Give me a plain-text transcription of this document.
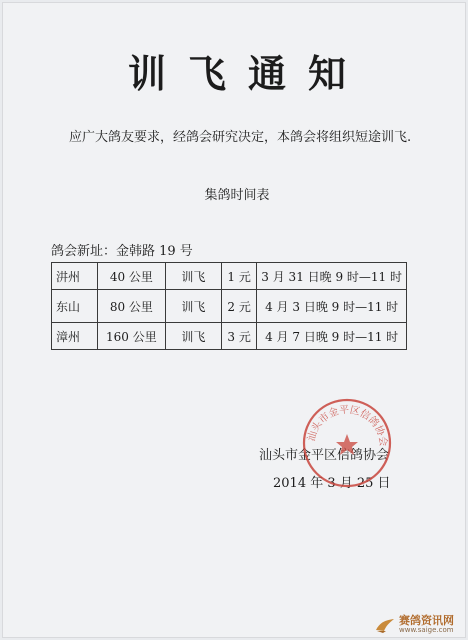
训飞通知
应广大鸽友要求，经鸽会研究决定，本鸽会将组织短途训飞.
集鸽时间表
鸽会新址：金韩路 19 号
汫州	40 公里	训飞	1 元	3 月 31 日晚 9 时—11 时
东山	80 公里	训飞	2 元	4 月 3 日晚 9 时—11 时
漳州	160 公里	训飞	3 元	4 月 7 日晚 9 时—11 时
汕头市金平区信鸽协会
2014 年 3 月 25 日
汕头市金平区信鸽协会
赛鸽资讯网
www.saige.com
